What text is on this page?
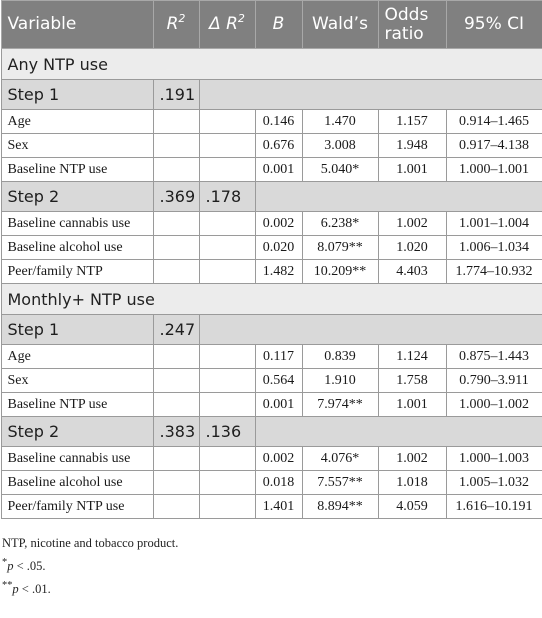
Variable	$R^2$	Δ $R^2$	B	Wald’s	Odds ratio	95% CI
Any NTP use						
Step 1	.191					
Age			0.146	1.470	1.157	0.914–1.465
Sex			0.676	3.008	1.948	0.917–4.138
Baseline NTP use			0.001	5.040*	1.001	1.000–1.001
Step 2	.369	.178				
Baseline cannabis use			0.002	6.238*	1.002	1.001–1.004
Baseline alcohol use			0.020	8.079**	1.020	1.006–1.034
Peer/family NTP			1.482	10.209**	4.403	1.774–10.932
Monthly+ NTP use						
Step 1	.247					
Age			0.117	0.839	1.124	0.875–1.443
Sex			0.564	1.910	1.758	0.790–3.911
Baseline NTP use			0.001	7.974**	1.001	1.000–1.002
Step 2	.383	.136				
Baseline cannabis use			0.002	4.076*	1.002	1.000–1.003
Baseline alcohol use			0.018	7.557**	1.018	1.005–1.032
Peer/family NTP use			1.401	8.894**	4.059	1.616–10.191
NTP, nicotine and tobacco product.
*p < .05.
**p < .01.
